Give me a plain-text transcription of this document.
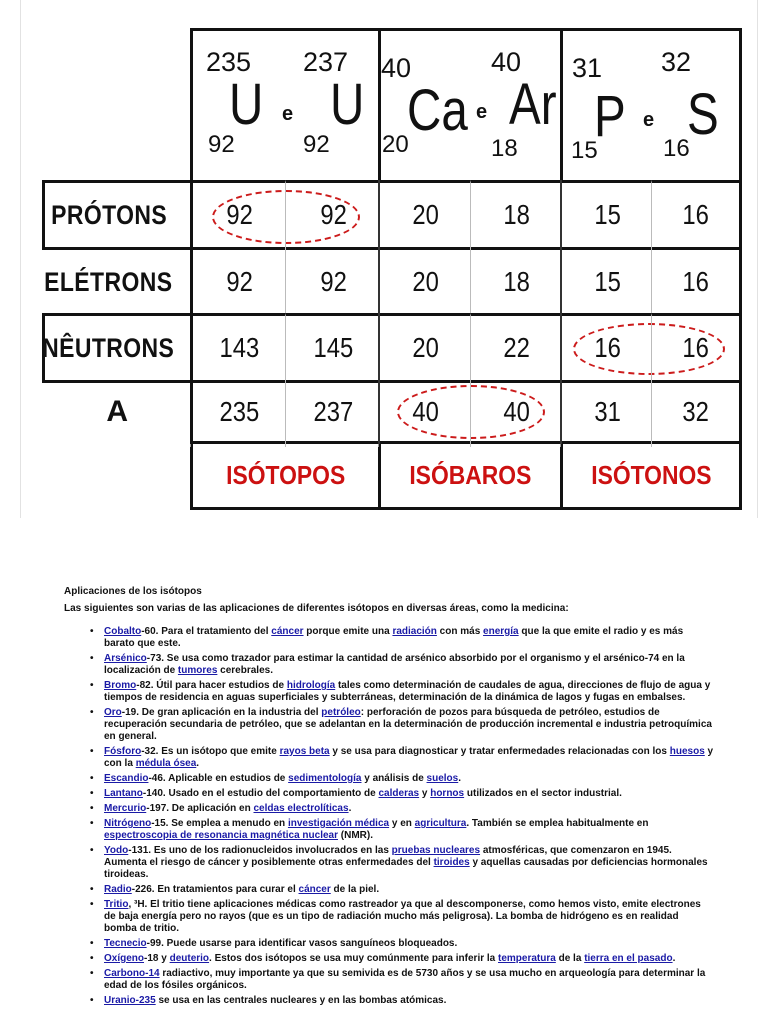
235
U
92
e
237
U
92
40
Ca
20
e
40
Ar
18
31
P
15
e
32
S
16
ISÓTOPOS ISÓBAROS ISÓTONOS
PRÓTONS 92 92 20 18 15 16
ELÉTRONS 92 92 20 18 15 16
NÊUTRONS 143 145 20 22 16 16
A	235 237 40 40 31 32
Aplicaciones de los isótopos

Las siguientes son varias de las aplicaciones de diferentes isótopos en diversas áreas, como la medicina:

• Cobalto-60. Para el tratamiento del cáncer porque emite una radiación con más energía que la que emite el radio y es más barato que este.
• Arsénico-73. Se usa como trazador para estimar la cantidad de arsénico absorbido por el organismo y el arsénico-74 en la localización de tumores cerebrales.
• Bromo-82. Útil para hacer estudios de hidrología tales como determinación de caudales de agua, direcciones de flujo de agua y tiempos de residencia en aguas superficiales y subterráneas, determinación de la dinámica de lagos y fugas en embalses.
• Oro-19. De gran aplicación en la industria del petróleo: perforación de pozos para búsqueda de petróleo, estudios de recuperación secundaria de petróleo, que se adelantan en la determinación de producción incremental e industria petroquímica en general.
• Fósforo-32. Es un isótopo que emite rayos beta y se usa para diagnosticar y tratar enfermedades relacionadas con los huesos y con la médula ósea.
• Escandio-46. Aplicable en estudios de sedimentología y análisis de suelos.
• Lantano-140. Usado en el estudio del comportamiento de calderas y hornos utilizados en el sector industrial.
• Mercurio-197. De aplicación en celdas electrolíticas.
• Nitrógeno-15. Se emplea a menudo en investigación médica y en agricultura. También se emplea habitualmente en espectroscopia de resonancia magnética nuclear (NMR).
• Yodo-131. Es uno de los radionucleidos involucrados en las pruebas nucleares atmosféricas, que comenzaron en 1945. Aumenta el riesgo de cáncer y posiblemente otras enfermedades del tiroides y aquellas causadas por deficiencias hormonales tiroideas.
• Radio-226. En tratamientos para curar el cáncer de la piel.
• Tritio, ³H. El tritio tiene aplicaciones médicas como rastreador ya que al descomponerse, como hemos visto, emite electrones de baja energía pero no rayos (que es un tipo de radiación mucho más peligrosa). La bomba de hidrógeno es en realidad bomba de tritio.
• Tecnecio-99. Puede usarse para identificar vasos sanguíneos bloqueados.
• Oxígeno-18 y deuterio. Estos dos isótopos se usa muy comúnmente para inferir la temperatura de la tierra en el pasado.
• Carbono-14 radiactivo, muy importante ya que su semivida es de 5730 años y se usa mucho en arqueología para determinar la edad de los fósiles orgánicos.
• Uranio-235 se usa en las centrales nucleares y en las bombas atómicas.
